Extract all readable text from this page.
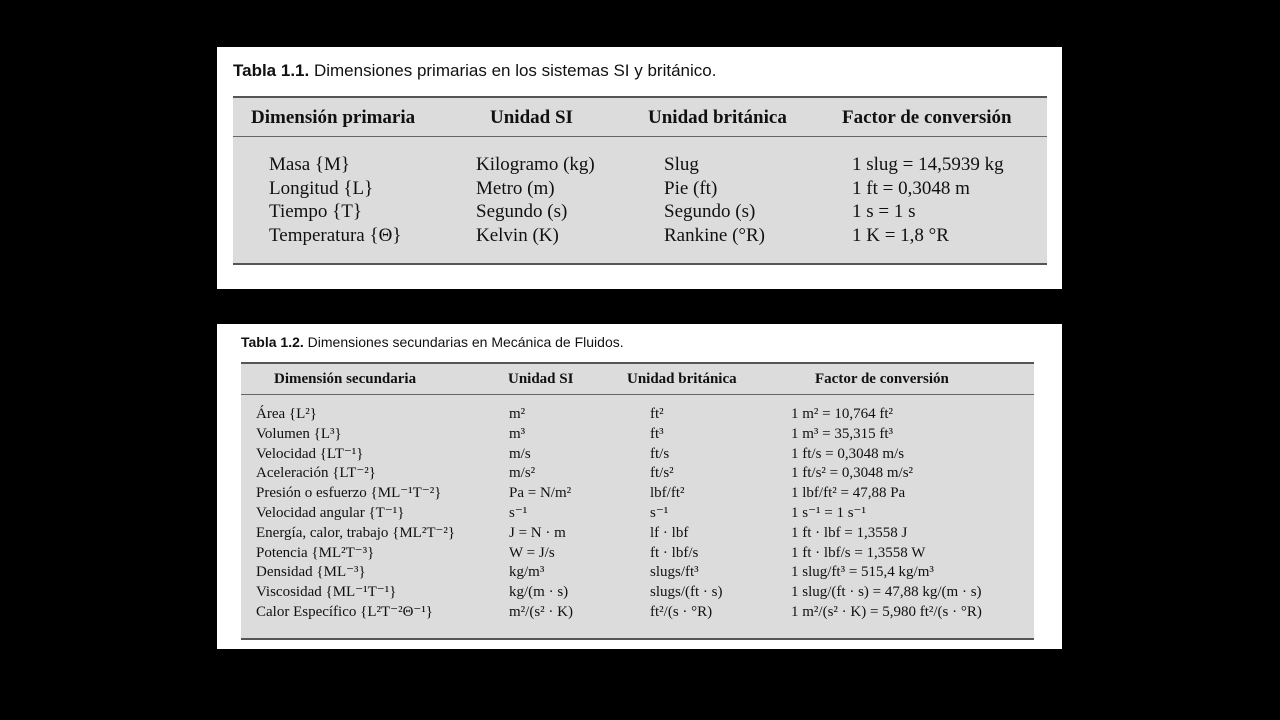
Tabla 1.1. Dimensiones primarias en los sistemas SI y británico.
Dimensión primaria	Unidad SI	Unidad británica	Factor de conversión
Masa {M}	Kilogramo (kg)	Slug	1 slug = 14,5939 kg
Longitud {L}	Metro (m)	Pie (ft)	1 ft = 0,3048 m
Tiempo {T}	Segundo (s)	Segundo (s)	1 s = 1 s
Temperatura {Θ}	Kelvin (K)	Rankine (°R)	1 K = 1,8 °R
Tabla 1.2. Dimensiones secundarias en Mecánica de Fluidos.
Dimensión secundaria	Unidad SI	Unidad británica	Factor de conversión
Área {L²}	m²	ft²	1 m² = 10,764 ft²
Volumen {L³}	m³	ft³	1 m³ = 35,315 ft³
Velocidad {LT⁻¹}	m/s	ft/s	1 ft/s = 0,3048 m/s
Aceleración {LT⁻²}	m/s²	ft/s²	1 ft/s² = 0,3048 m/s²
Presión o esfuerzo {ML⁻¹T⁻²}	Pa = N/m²	lbf/ft²	1 lbf/ft² = 47,88 Pa
Velocidad angular {T⁻¹}	s⁻¹	s⁻¹	1 s⁻¹ = 1 s⁻¹
Energía, calor, trabajo {ML²T⁻²}	J = N · m	lf · lbf	1 ft · lbf = 1,3558 J
Potencia {ML²T⁻³}	W = J/s	ft · lbf/s	1 ft · lbf/s = 1,3558 W
Densidad {ML⁻³}	kg/m³	slugs/ft³	1 slug/ft³ = 515,4 kg/m³
Viscosidad {ML⁻¹T⁻¹}	kg/(m · s)	slugs/(ft · s)	1 slug/(ft · s) = 47,88 kg/(m · s)
Calor Específico {L²T⁻²Θ⁻¹}	m²/(s² · K)	ft²/(s · °R)	1 m²/(s² · K) = 5,980 ft²/(s · °R)
